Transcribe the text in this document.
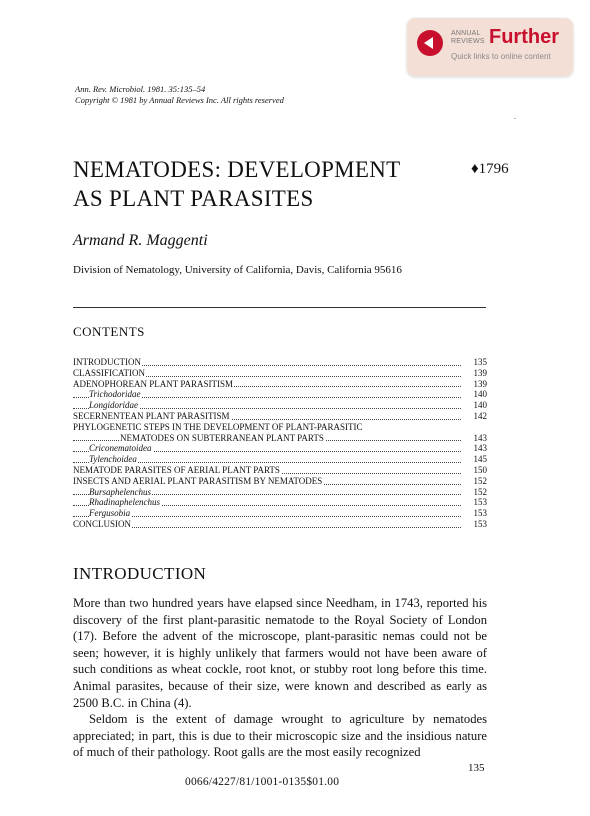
ANNUAL
REVIEWS Further
Quick links to online content
Ann. Rev. Microbiol. 1981. 35:135–54
Copyright © 1981 by Annual Reviews Inc. All rights reserved
.
NEMATODES: DEVELOPMENT
AS PLANT PARASITES
♦1796
Armand R. Maggenti
Division of Nematology, University of California, Davis, California 95616
CONTENTS
INTRODUCTION	135
CLASSIFICATION	139
ADENOPHOREAN PLANT PARASITISM	139
Trichodoridae	140
Longidoridae	140
SECERNENTEAN PLANT PARASITISM	142
PHYLOGENETIC STEPS IN THE DEVELOPMENT OF PLANT-PARASITIC
NEMATODES ON SUBTERRANEAN PLANT PARTS	143
Criconematoidea	143
Tylenchoidea	145
NEMATODE PARASITES OF AERIAL PLANT PARTS	150
INSECTS AND AERIAL PLANT PARASITISM BY NEMATODES	152
Bursaphelenchus	152
Rhadinaphelenchus	153
Fergusobia	153
CONCLUSION	153
INTRODUCTION

More than two hundred years have elapsed since Needham, in 1743, reported his discovery of the first plant-parasitic nematode to the Royal Society of London (17). Before the advent of the microscope, plant-parasitic nemas could not be seen; however, it is highly unlikely that farmers would not have been aware of such conditions as wheat cockle, root knot, or stubby root long before this time. Animal parasites, because of their size, were known and described as early as 2500 B.C. in China (4).

Seldom is the extent of damage wrought to agriculture by nematodes appreciated; in part, this is due to their microscopic size and the insidious nature of much of their pathology. Root galls are the most easily recognized

135
0066/4227/81/1001-0135$01.00
